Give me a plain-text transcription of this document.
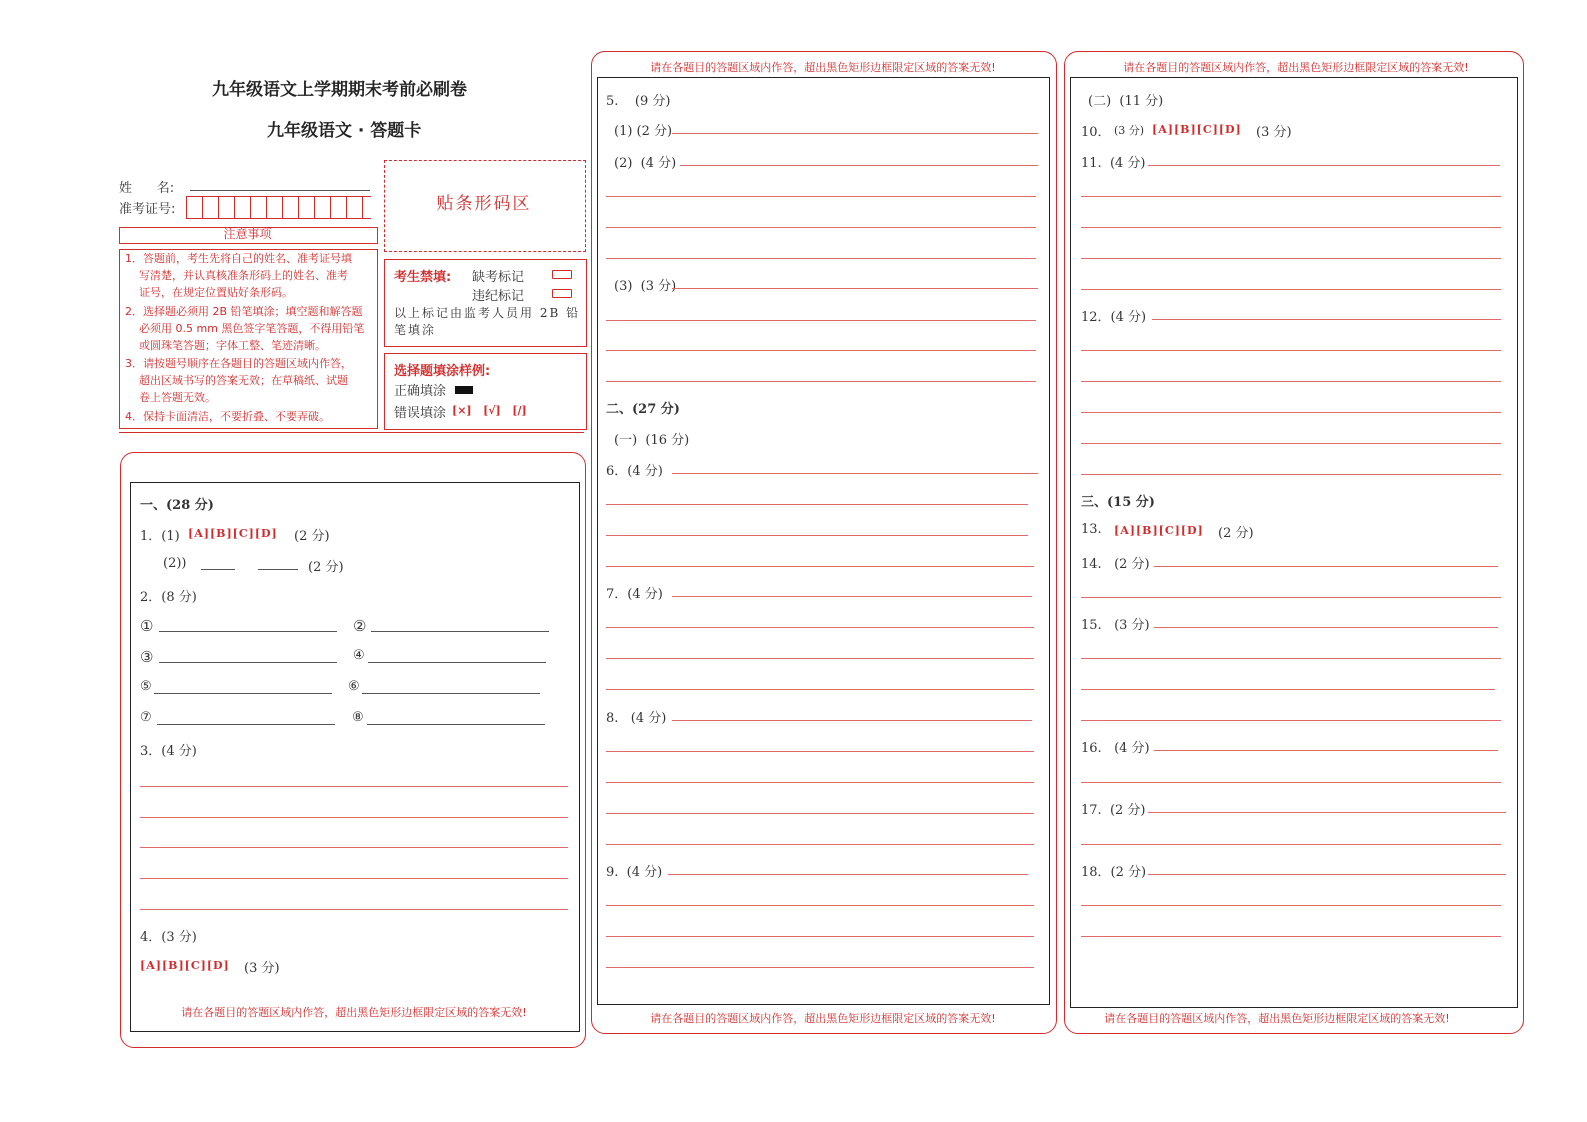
九年级语文上学期期末考前必刷卷
九年级语文 · 答题卡
姓      名:
准考证号:
注意事项
1．答题前，考生先将自己的姓名、准考证号填
写清楚，并认真核准条形码上的姓名、准考
证号，在规定位置贴好条形码。
2．选择题必须用 2B 铅笔填涂；填空题和解答题
必须用 0.5 mm 黑色签字笔答题，不得用铅笔
或圆珠笔答题；字体工整、笔迹清晰。
3．请按题号顺序在各题目的答题区域内作答，
超出区域书写的答案无效；在草稿纸、试题
卷上答题无效。
4．保持卡面清洁，不要折叠、不要弄破。
贴条形码区
考生禁填: 缺考标记
违纪标记
以上标记由监考人员用 2B 铅
笔填涂
选择题填涂样例:
正确填涂
错误填涂 [×]   [√]   [/]
一、(28 分)
1．(1) [A][B][C][D] (2 分)
(2))	(2 分)
2．(8 分)
①	②
③	④
⑤	⑥
⑦	⑧
3．(4 分)
4．(3 分)
[A][B][C][D] (3 分)
请在各题目的答题区域内作答，超出黑色矩形边框限定区域的答案无效!
请在各题目的答题区域内作答，超出黑色矩形边框限定区域的答案无效!
请在各题目的答题区域内作答，超出黑色矩形边框限定区域的答案无效!
5.    (9 分)
(1) (2 分)
(2)  (4 分)
(3)  (3 分)
二、(27 分)
(一)  (16 分)
6．(4 分)
7．(4 分)
8.   (4 分)
9.  (4 分)
请在各题目的答题区域内作答，超出黑色矩形边框限定区域的答案无效!
请在各题目的答题区域内作答，超出黑色矩形边框限定区域的答案无效!
(二)  (11 分)
10． (3 分) [A][B][C][D] (3 分)
11.  (4 分)
12．(4 分)
三、(15 分)
13. [A][B][C][D] (2 分)
14.   (2 分)
15.   (3 分)
16.   (4 分)
17.  (2 分)
18．(2 分)
